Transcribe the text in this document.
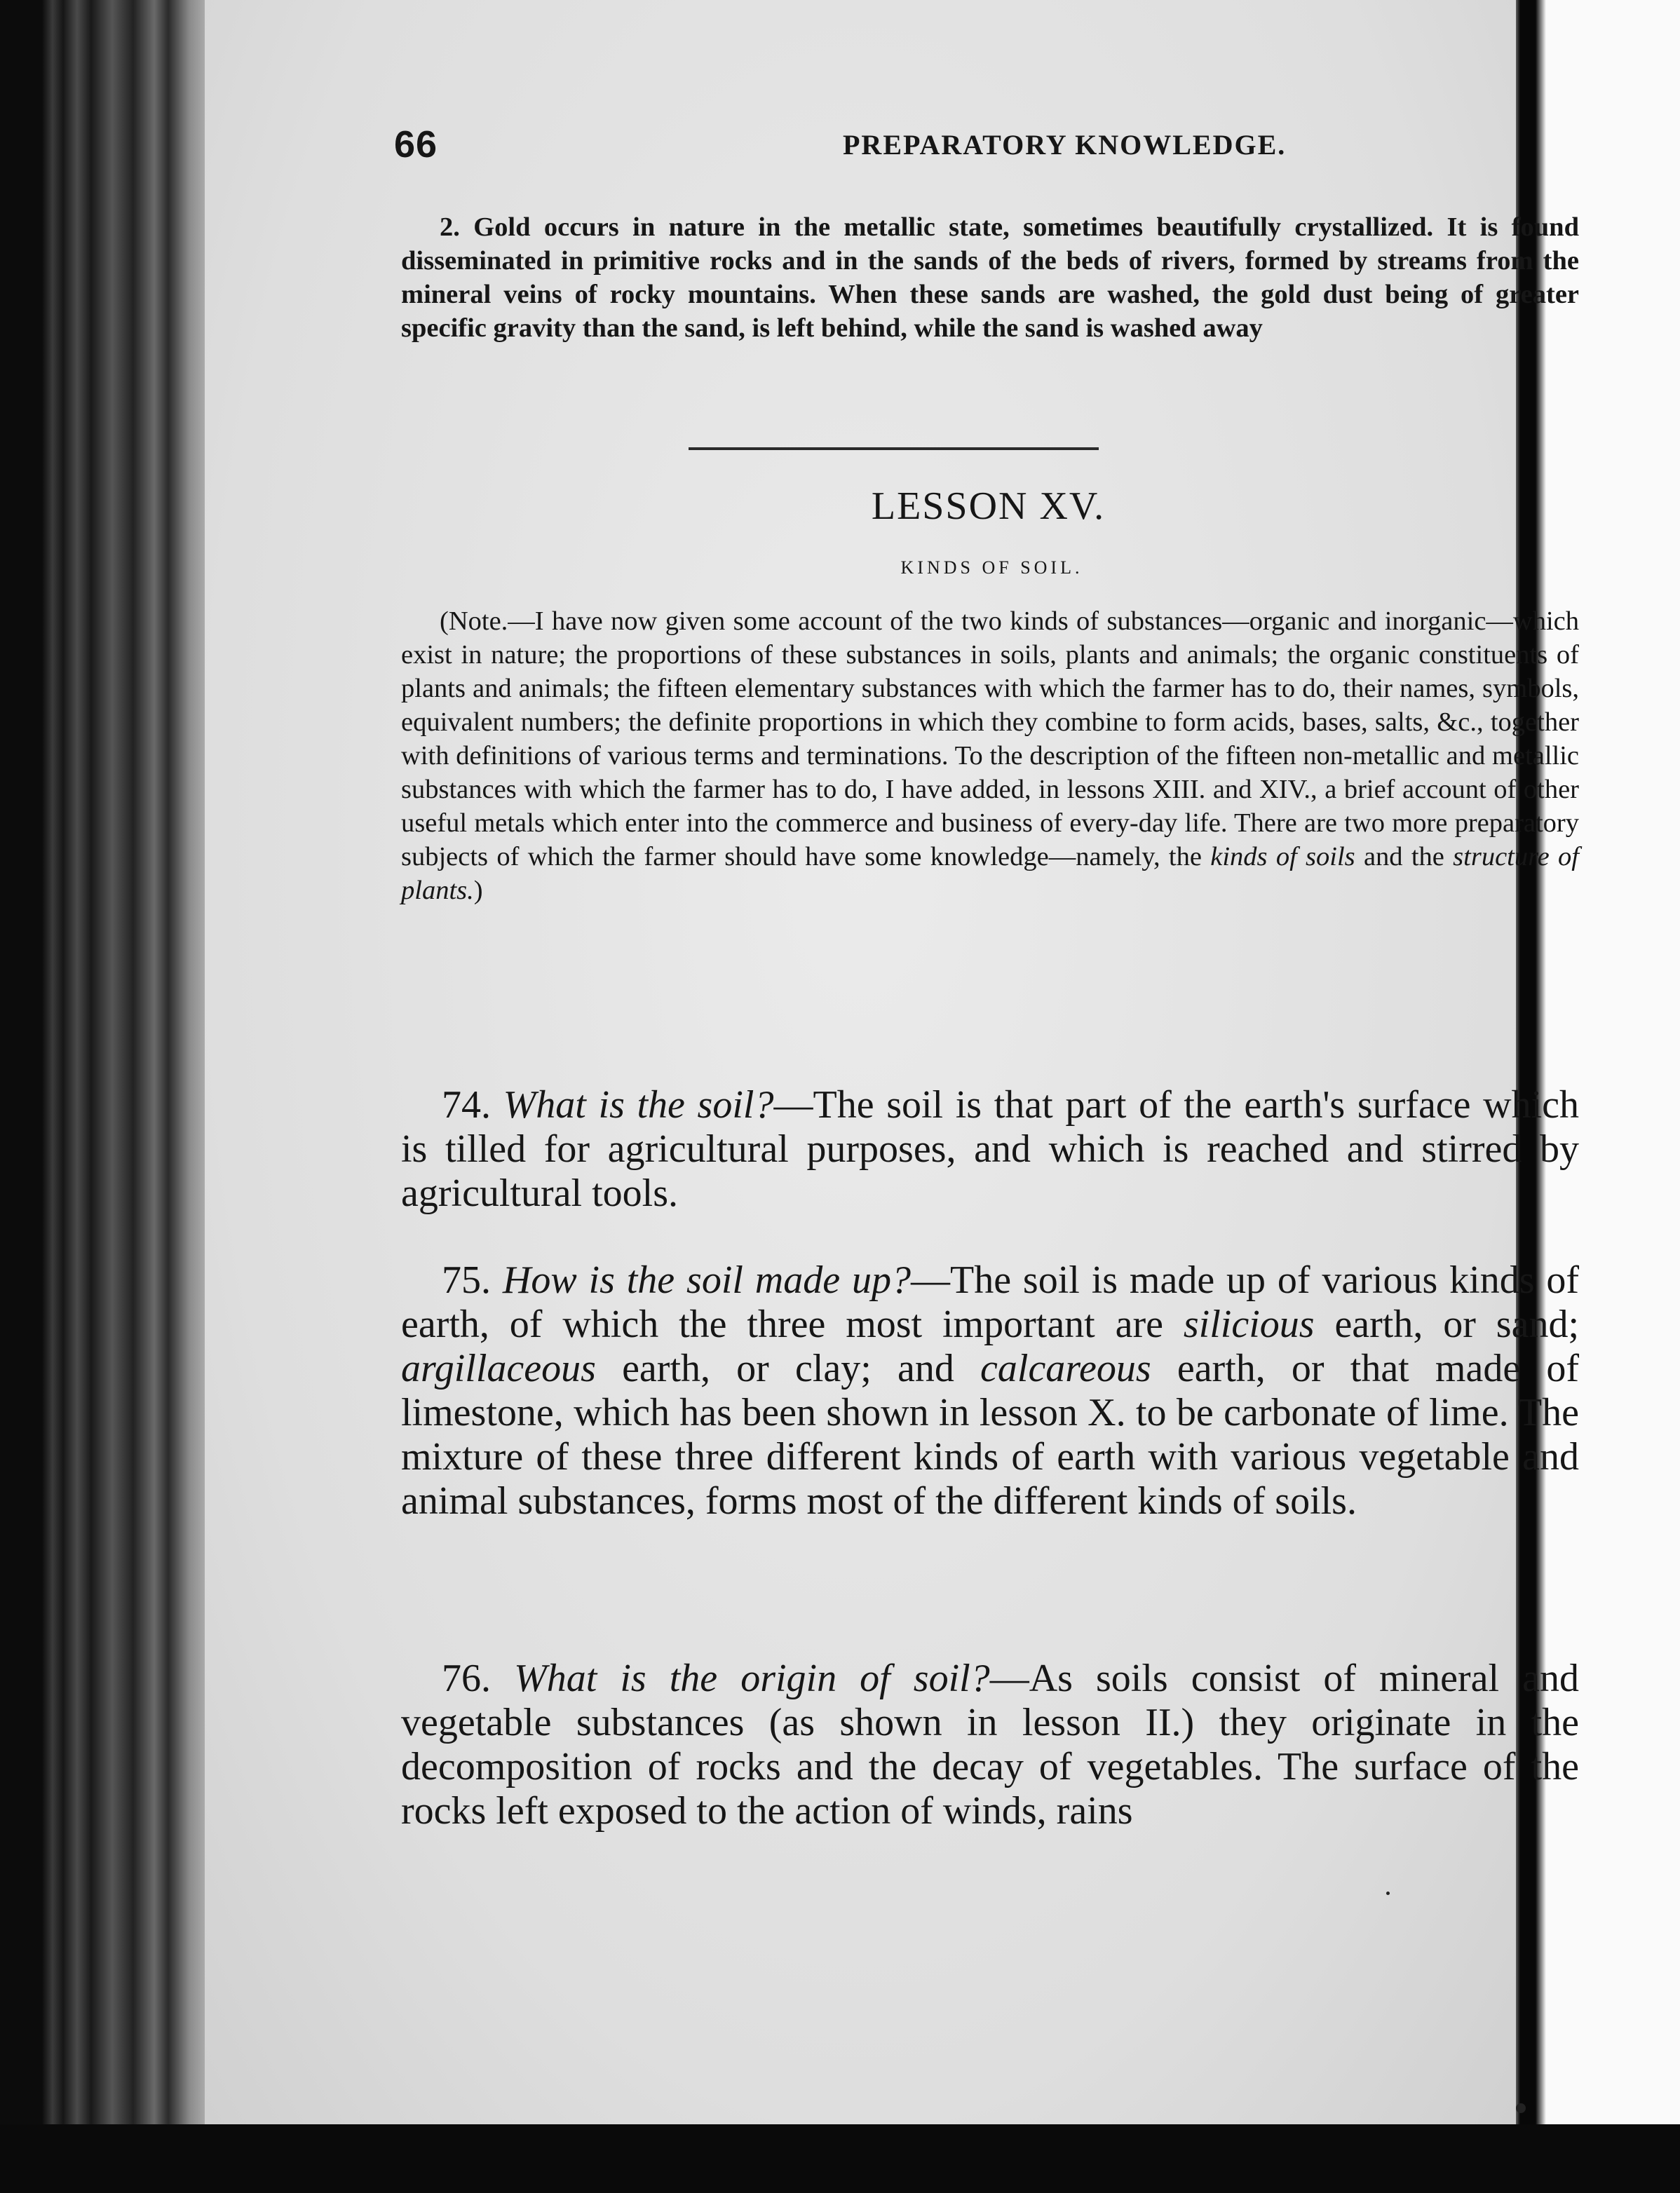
66	PREPARATORY KNOWLEDGE.
2. Gold occurs in nature in the metallic state, sometimes beautifully crystallized. It is found disseminated in primitive rocks and in the sands of the beds of rivers, formed by streams from the mineral veins of rocky mountains. When these sands are washed, the gold dust being of greater specific gravity than the sand, is left behind, while the sand is washed away
LESSON XV.
KINDS OF SOIL.
(Note.—I have now given some account of the two kinds of substances—organic and inorganic—which exist in nature; the proportions of these substances in soils, plants and animals; the organic constituents of plants and animals; the fifteen elementary substances with which the farmer has to do, their names, symbols, equivalent numbers; the definite proportions in which they combine to form acids, bases, salts, &c., together with definitions of various terms and terminations. To the description of the fifteen non-metallic and metallic substances with which the farmer has to do, I have added, in lessons XIII. and XIV., a brief account of other useful metals which enter into the commerce and business of every-day life. There are two more preparatory subjects of which the farmer should have some knowledge—namely, the kinds of soils and the structure of plants.)
74. What is the soil?—The soil is that part of the earth's surface which is tilled for agricultural purposes, and which is reached and stirred by agricultural tools.
75. How is the soil made up?—The soil is made up of various kinds of earth, of which the three most important are silicious earth, or sand; argillaceous earth, or clay; and calcareous earth, or that made of limestone, which has been shown in lesson X. to be carbonate of lime. The mixture of these three different kinds of earth with various vegetable and animal substances, forms most of the different kinds of soils.
76. What is the origin of soil?—As soils consist of mineral and vegetable substances (as shown in lesson II.) they originate in the decomposition of rocks and the decay of vegetables. The surface of the rocks left exposed to the action of winds, rains
